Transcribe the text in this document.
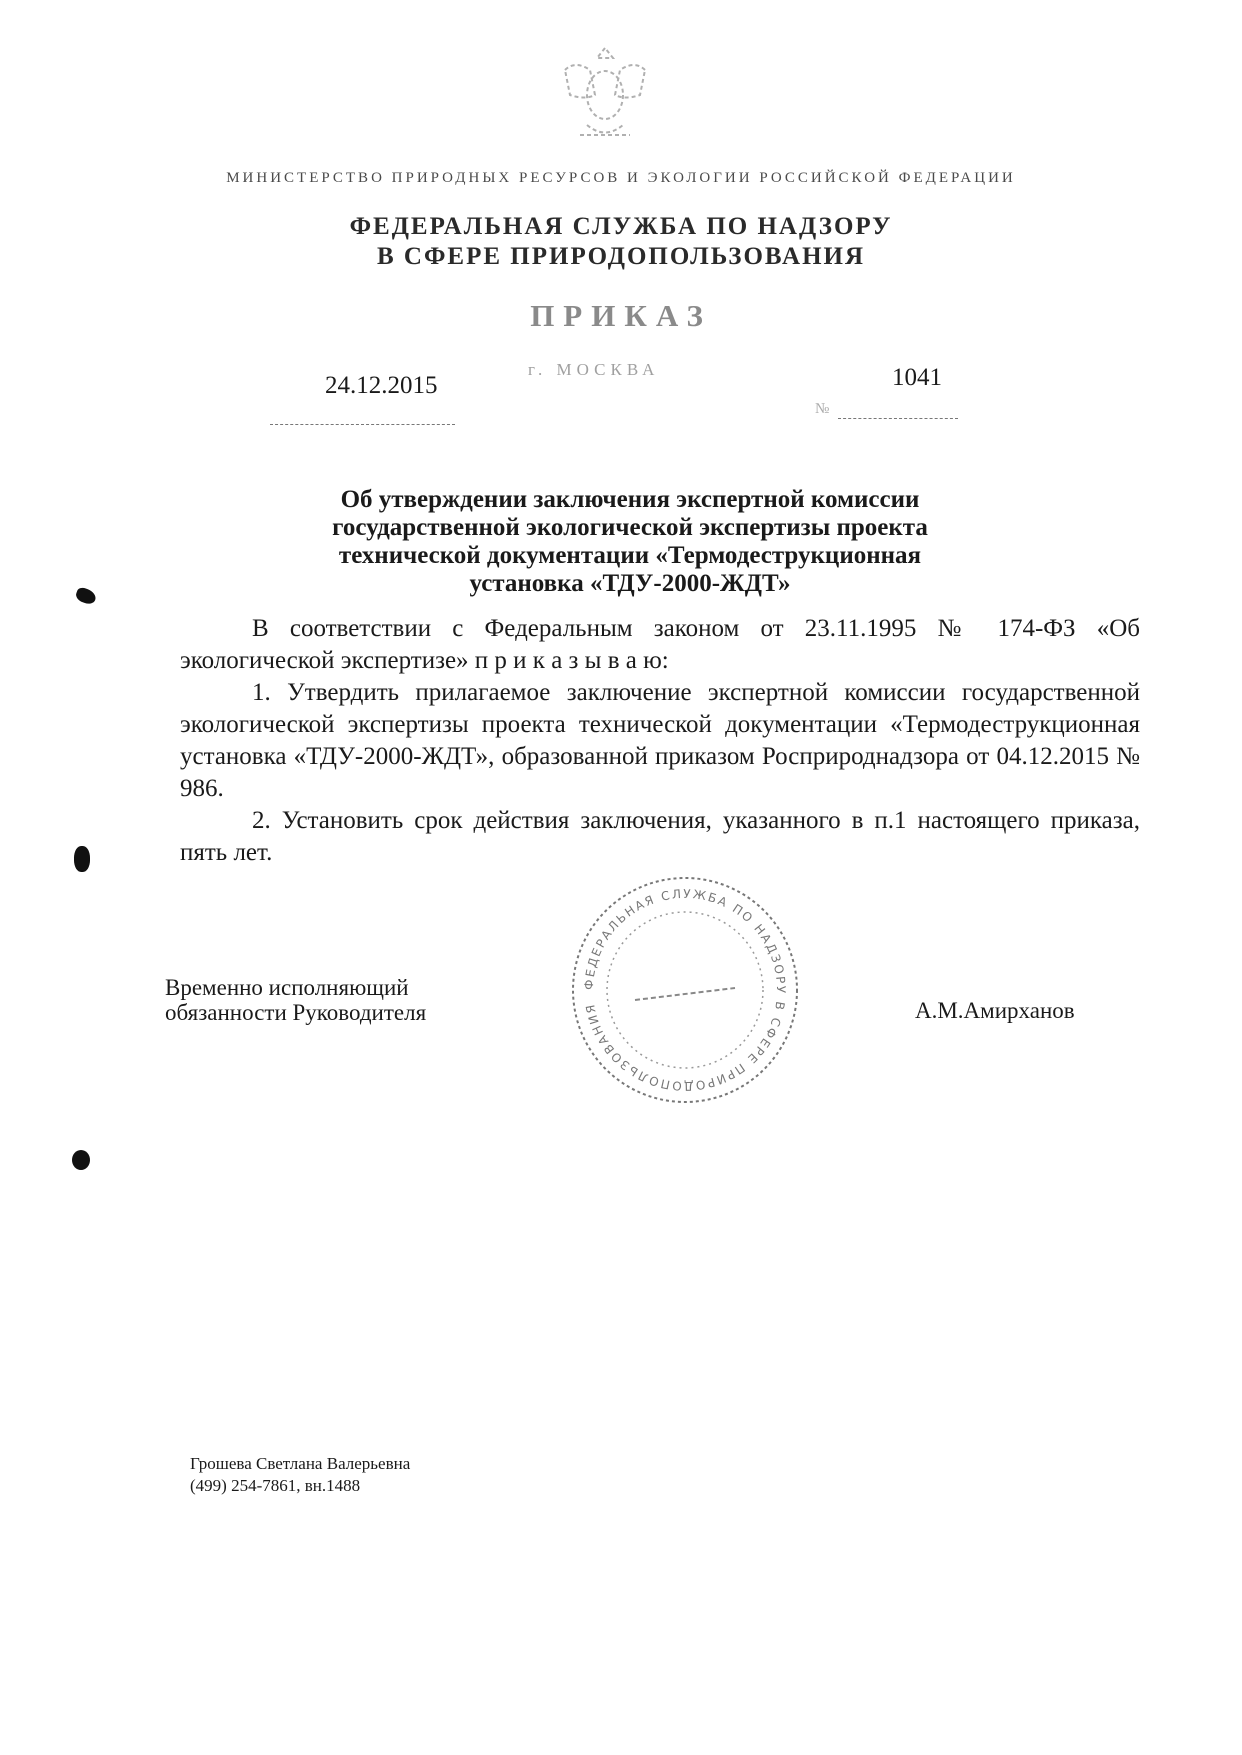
МИНИСТЕРСТВО ПРИРОДНЫХ РЕСУРСОВ И ЭКОЛОГИИ РОССИЙСКОЙ ФЕДЕРАЦИИ
ФЕДЕРАЛЬНАЯ СЛУЖБА ПО НАДЗОРУ
В СФЕРЕ ПРИРОДОПОЛЬЗОВАНИЯ
ПРИКАЗ
г. МОСКВА
24.12.2015	1041
№
Об утверждении заключения экспертной комиссии
государственной экологической экспертизы проекта
технической документации «Термодеструкционная
установка «ТДУ-2000-ЖДТ»

В соответствии с Федеральным законом от 23.11.1995 № 174-ФЗ «Об экологической экспертизе» п р и к а з ы в а ю:

1. Утвердить прилагаемое заключение экспертной комиссии государственной экологической экспертизы проекта технической документации «Термодеструкционная установка «ТДУ-2000-ЖДТ», образованной приказом Росприроднадзора от 04.12.2015 № 986.

2. Установить срок действия заключения, указанного в п.1 настоящего приказа, пять лет.

ФЕДЕРАЛЬНАЯ СЛУЖБА ПО НАДЗОРУ В СФЕРЕ ПРИРОДОПОЛЬЗОВАНИЯ
Временно исполняющий
обязанности Руководителя	А.М.Амирханов
Грошева Светлана Валерьевна
(499) 254-7861, вн.1488
